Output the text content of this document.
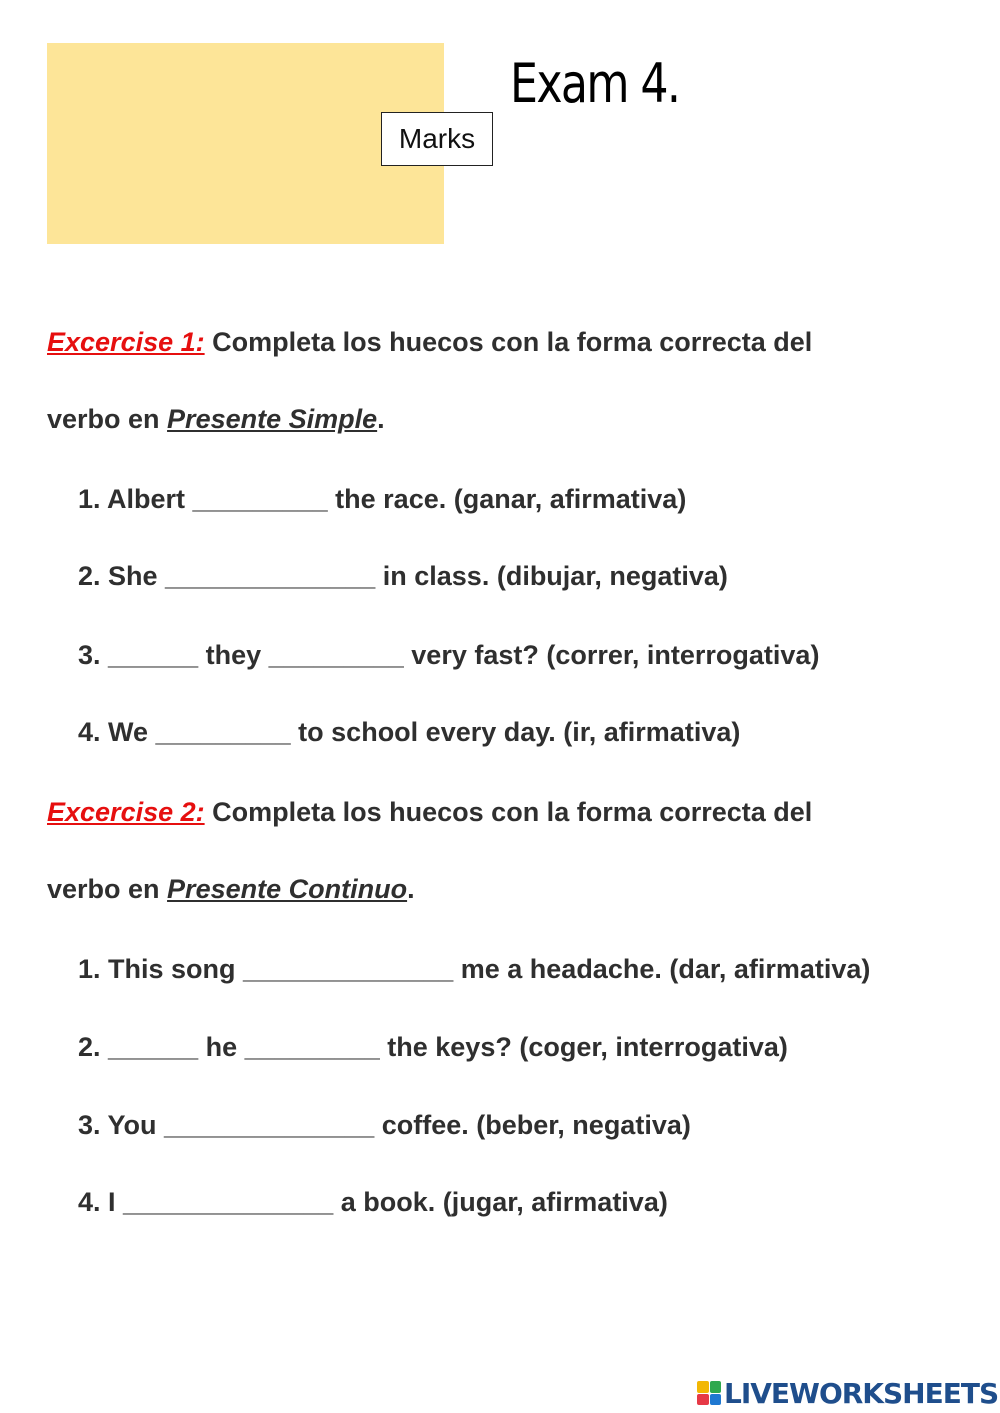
Marks
Exam 4.
Excercise 1: Completa los huecos con la forma correcta del
verbo en Presente Simple.
1. Albert _________ the race. (ganar, afirmativa)
2. She ______________ in class. (dibujar, negativa)
3. ______ they _________ very fast? (correr, interrogativa)
4. We _________ to school every day. (ir, afirmativa)
Excercise 2: Completa los huecos con la forma correcta del
verbo en Presente Continuo.
1. This song ______________ me a headache. (dar, afirmativa)
2. ______ he _________ the keys? (coger, interrogativa)
3. You ______________ coffee. (beber, negativa)
4. I ______________ a book. (jugar, afirmativa)
LIVEWORKSHEETS
